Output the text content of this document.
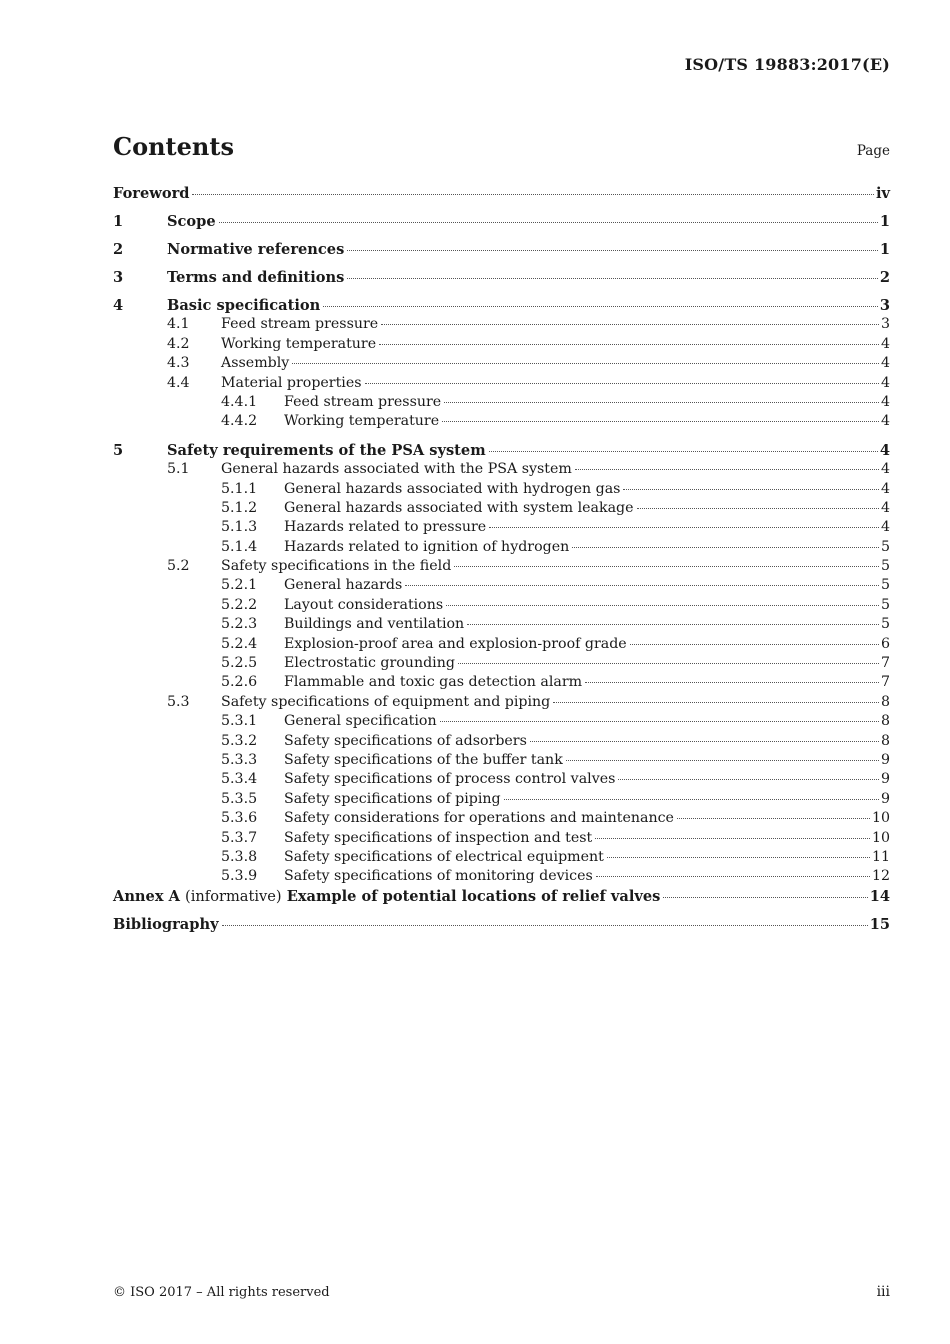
ISO/TS 19883:2017(E)
Contents	Page
Foreword	iv
1	Scope	1
2	Normative references	1
3	Terms and definitions	2
4	Basic specification	3
4.1	Feed stream pressure	3
4.2	Working temperature	4
4.3	Assembly	4
4.4	Material properties	4
4.4.1	Feed stream pressure	4
4.4.2	Working temperature	4
5	Safety requirements of the PSA system	4
5.1	General hazards associated with the PSA system	4
5.1.1	General hazards associated with hydrogen gas	4
5.1.2	General hazards associated with system leakage	4
5.1.3	Hazards related to pressure	4
5.1.4	Hazards related to ignition of hydrogen	5
5.2	Safety specifications in the field	5
5.2.1	General hazards	5
5.2.2	Layout considerations	5
5.2.3	Buildings and ventilation	5
5.2.4	Explosion-proof area and explosion-proof grade	6
5.2.5	Electrostatic grounding	7
5.2.6	Flammable and toxic gas detection alarm	7
5.3	Safety specifications of equipment and piping	8
5.3.1	General specification	8
5.3.2	Safety specifications of adsorbers	8
5.3.3	Safety specifications of the buffer tank	9
5.3.4	Safety specifications of process control valves	9
5.3.5	Safety specifications of piping	9
5.3.6	Safety considerations for operations and maintenance	10
5.3.7	Safety specifications of inspection and test	10
5.3.8	Safety specifications of electrical equipment	11
5.3.9	Safety specifications of monitoring devices	12
Annex A (informative) Example of potential locations of relief valves	14
Bibliography	15
© ISO 2017 – All rights reserved	iii
